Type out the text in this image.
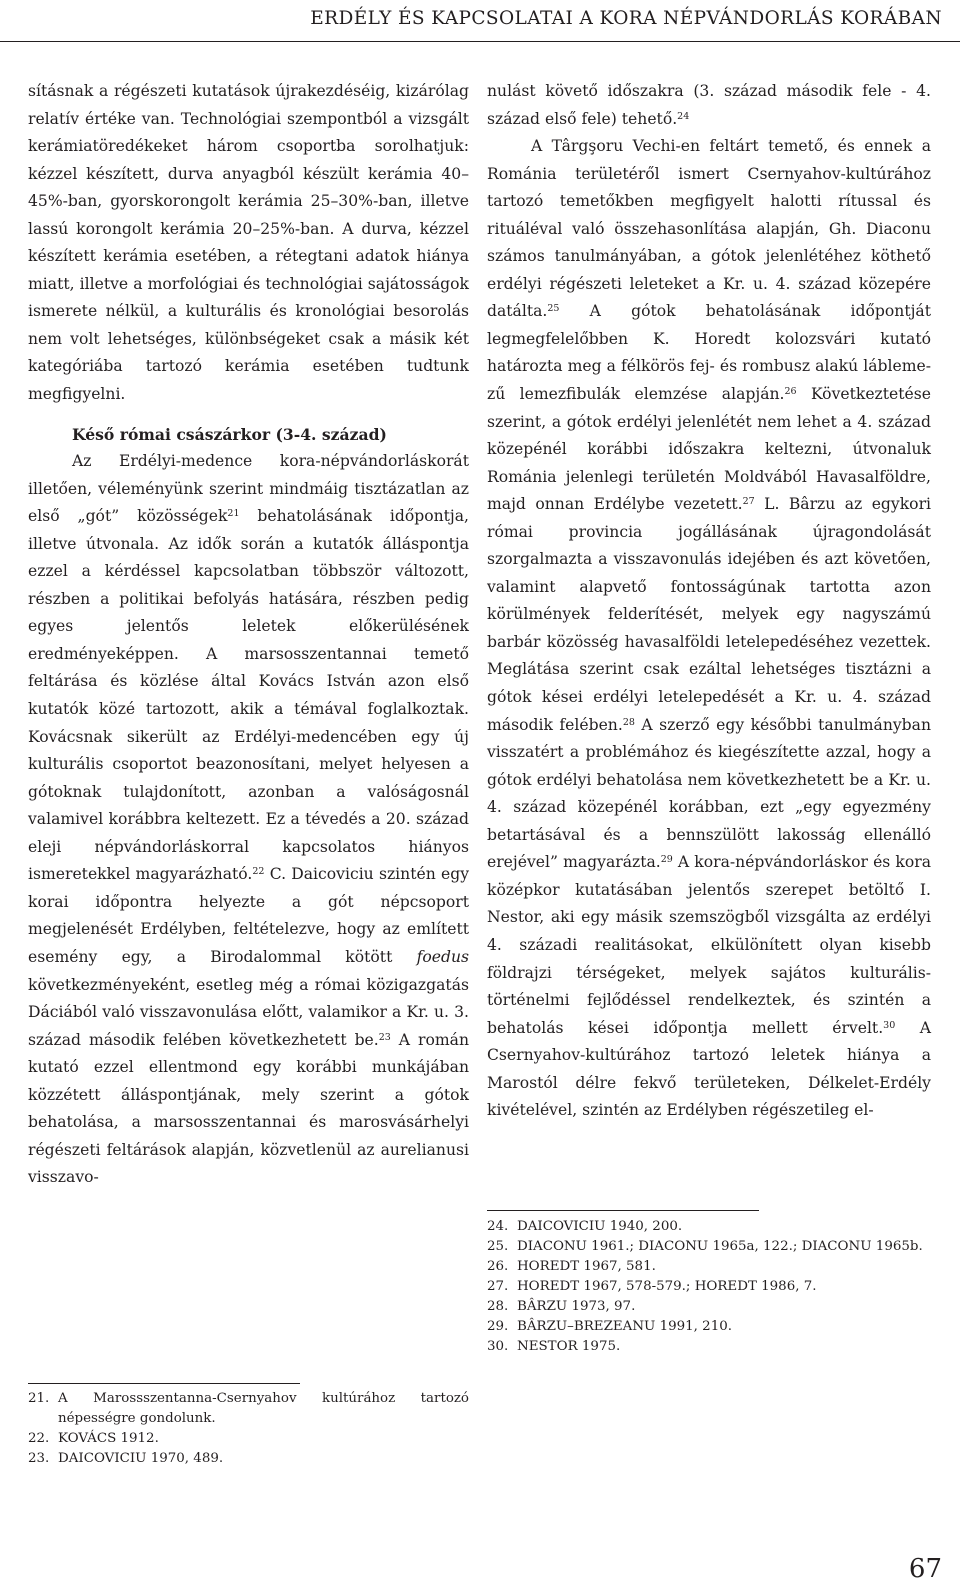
ERDÉLY ÉS KAPCSOLATAI A KORA NÉPVÁNDORLÁS KORÁBAN

sításnak a régészeti kutatások újrakezdéséig, kizárólag relatív értéke van. Technológiai szempontból a vizsgált kerámiatöredékeket három csoportba sorolhatjuk: kézzel készített, durva anyagból készült kerámia 40–45%-ban, gyorskorongolt kerámia 25–30%-ban, illetve lassú korongolt kerámia 20–25%-ban. A durva, kézzel készített kerámia esetében, a rétegtani adatok hiánya miatt, illetve a morfológiai és technológiai sajátosságok ismerete nélkül, a kulturális és kronológiai besorolás nem volt lehetséges, különbségeket csak a másik két kategóriába tartozó kerámia esetében tudtunk megfigyelni.

Késő római császárkor (3-4. század)

Az Erdélyi-medence kora-népvándorláskorát illetően, véleményünk szerint mindmáig tisztázatlan az első „gót” közösségek$^{21}$ behatolásának időpontja, illetve útvonala. Az idők során a kutatók álláspontja ezzel a kérdéssel kapcsolatban többször változott, részben a politikai befolyás hatására, részben pedig egyes jelentős leletek előkerülésének eredményeképpen. A marsosszentannai temető feltárása és közlése által Kovács István azon első kutatók közé tartozott, akik a témával foglalkoztak. Kovácsnak sikerült az Erdélyi-medencében egy új kulturális csoportot beazonosítani, melyet helyesen a gótoknak tulajdonított, azonban a valóságosnál valamivel korábbra keltezett. Ez a tévedés a 20. század eleji népvándorláskorral kapcsolatos hiányos ismeretekkel magyarázható.$^{22}$ C. Daicoviciu szintén egy korai időpontra helyezte a gót népcsoport megjelenését Erdélyben, feltételezve, hogy az említett esemény egy, a Birodalommal kötött foedus következményeként, esetleg még a római közigazgatás Dáciából való visszavonulása előtt, valamikor a Kr. u. 3. század második felében következhetett be.$^{23}$ A román kutató ezzel ellentmond egy korábbi munkájában közzétett álláspontjának, mely szerint a gótok behatolása, a marsosszentannai és marosvásárhelyi régészeti feltárások alapján, közvetlenül az aurelianusi visszavo-

nulást követő időszakra (3. század második fele - 4. század első fele) tehető.$^{24}$

A Târgşoru Vechi-en feltárt temető, és ennek a Románia területéről ismert Csernyahov-kultúrához tartozó temetőkben megfigyelt halotti rítussal és rituáléval való összehasonlítása alapján, Gh. Diaconu számos tanulmányában, a gótok jelenlétéhez köthető erdélyi régészeti leleteket a Kr. u. 4. század közepére datálta.$^{25}$ A gótok behatolásának időpontját legmegfelelőbben K. Horedt kolozsvári kutató határozta meg a félkörös fej- és rombusz alakú láblemezű lemezfibulák elemzése alapján.$^{26}$ Következtetése szerint, a gótok erdélyi jelenlétét nem lehet a 4. század közepénél korábbi időszakra keltezni, útvonaluk Románia jelenlegi területén Moldvából Havasalföldre, majd onnan Erdélybe vezetett.$^{27}$ L. Bârzu az egykori római provincia jogállásának újragondolását szorgalmazta a visszavonulás idejében és azt követően, valamint alapvető fontosságúnak tartotta azon körülmények felderítését, melyek egy nagyszámú barbár közösség havasalföldi letelepedéséhez vezettek. Meglátása szerint csak ezáltal lehetséges tisztázni a gótok kései erdélyi letelepedését a Kr. u. 4. század második felében.$^{28}$ A szerző egy későbbi tanulmányban visszatért a problémához és kiegészítette azzal, hogy a gótok erdélyi behatolása nem következhetett be a Kr. u. 4. század közepénél korábban, ezt „egy egyezmény betartásával és a bennszülött lakosság ellenálló erejével” magyarázta.$^{29}$ A kora-népvándorláskor és kora középkor kutatásában jelentős szerepet betöltő I. Nestor, aki egy másik szemszögből vizsgálta az erdélyi 4. századi realitásokat, elkülönített olyan kisebb földrajzi térségeket, melyek sajátos kulturális-történelmi fejlődéssel rendelkeztek, és szintén a behatolás kései időpontja mellett érvelt.$^{30}$ A Csernyahov-kultúrához tartozó leletek hiánya a Marostól délre fekvő területeken, Délkelet-Erdély kivételével, szintén az Erdélyben régészetileg el-

21. A Marossszentanna-Csernyahov kultúrához tartozó népességre gondolunk.
22. KOVÁCS 1912.
23. DAICOVICIU 1970, 489.
24. DAICOVICIU 1940, 200.
25. DIACONU 1961.; DIACONU 1965a, 122.; DIACONU 1965b.
26. HOREDT 1967, 581.
27. HOREDT 1967, 578-579.; HOREDT 1986, 7.
28. BÂRZU 1973, 97.
29. BÂRZU–BREZEANU 1991, 210.
30. NESTOR 1975.
67
